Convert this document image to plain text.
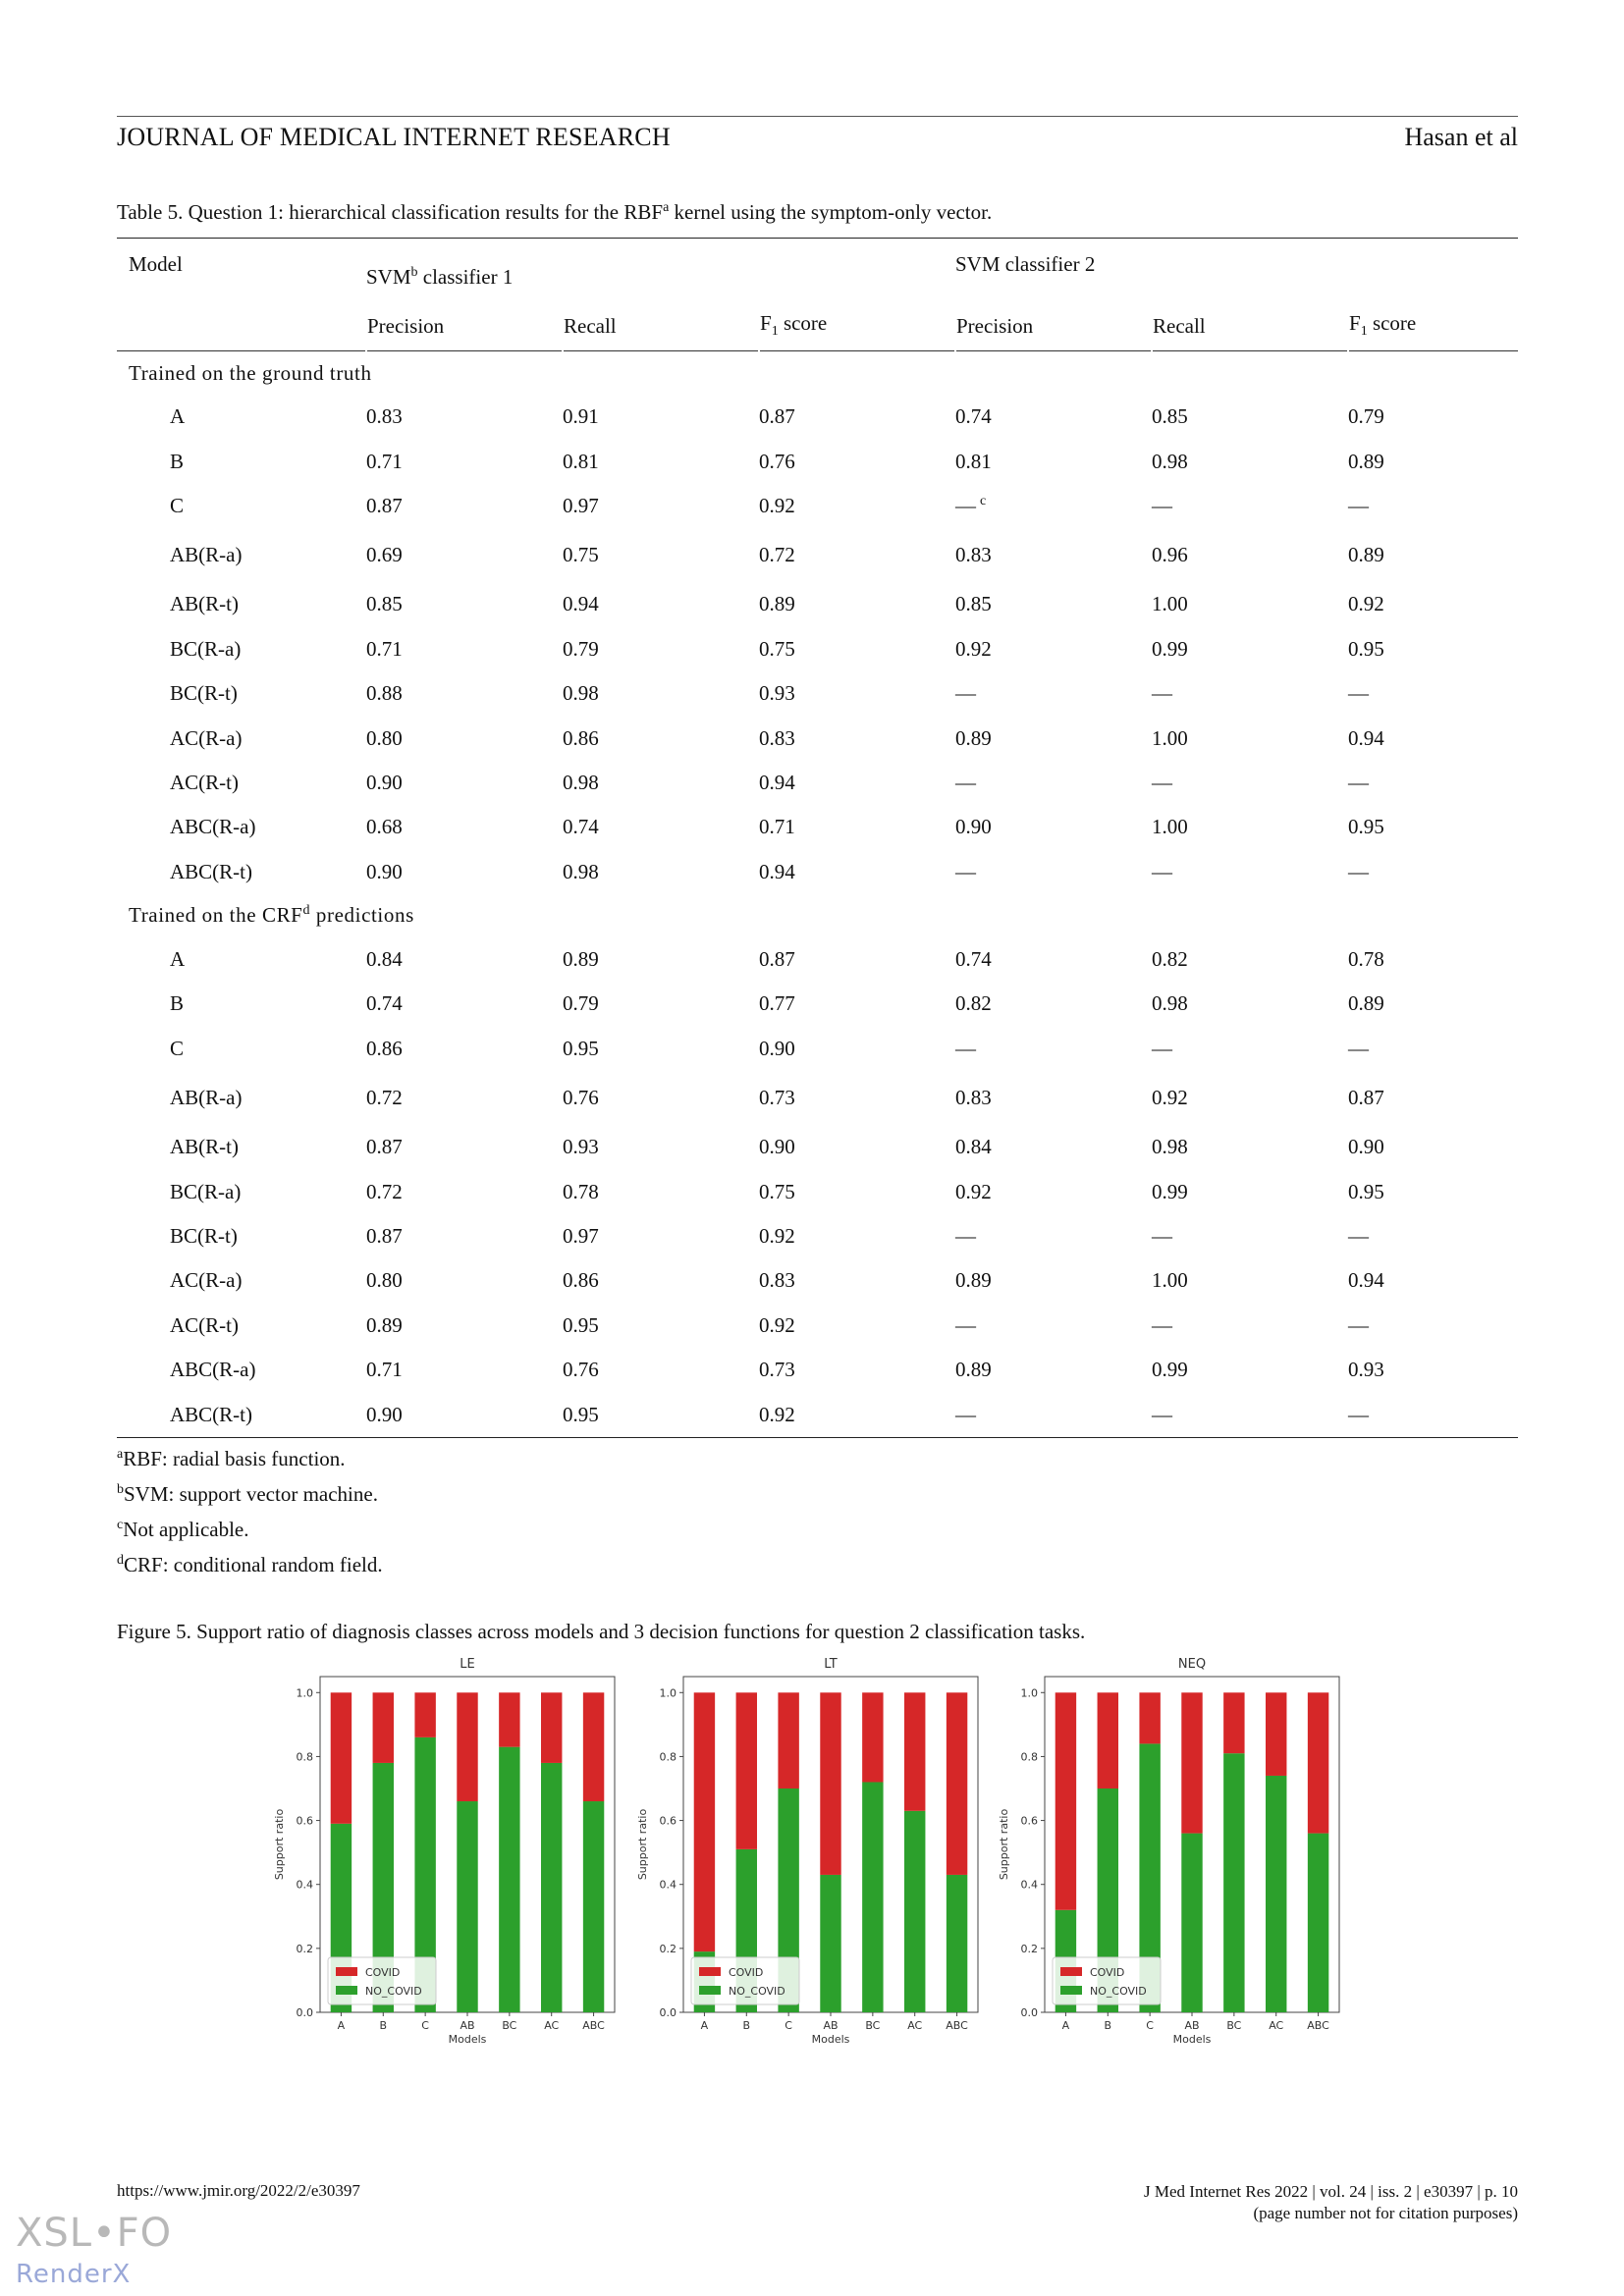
JOURNAL OF MEDICAL INTERNET RESEARCH	Hasan et al
Table 5. Question 1: hierarchical classification results for the RBF$^a$ kernel using the symptom-only vector.

Model		SVM$^b$ classifier 1			SVM classifier 2		
		Precision	Recall	$F_1$ score	Precision	Recall	$F_1$ score
Trained on the ground truth							
	A	0.83	0.91	0.87	0.74	0.85	0.79
	B	0.71	0.81	0.76	0.81	0.98	0.89
	C	0.87	0.97	0.92	— $^c$	—	—
	AB(R-a)	0.69	0.75	0.72	0.83	0.96	0.89
	AB(R-t)	0.85	0.94	0.89	0.85	1.00	0.92
	BC(R-a)	0.71	0.79	0.75	0.92	0.99	0.95
	BC(R-t)	0.88	0.98	0.93	—	—	—
	AC(R-a)	0.80	0.86	0.83	0.89	1.00	0.94
	AC(R-t)	0.90	0.98	0.94	—	—	—
	ABC(R-a)	0.68	0.74	0.71	0.90	1.00	0.95
	ABC(R-t)	0.90	0.98	0.94	—	—	—
Trained on the CRF$^d$ predictions							
	A	0.84	0.89	0.87	0.74	0.82	0.78
	B	0.74	0.79	0.77	0.82	0.98	0.89
	C	0.86	0.95	0.90	—	—	—
	AB(R-a)	0.72	0.76	0.73	0.83	0.92	0.87
	AB(R-t)	0.87	0.93	0.90	0.84	0.98	0.90
	BC(R-a)	0.72	0.78	0.75	0.92	0.99	0.95
	BC(R-t)	0.87	0.97	0.92	—	—	—
	AC(R-a)	0.80	0.86	0.83	0.89	1.00	0.94
	AC(R-t)	0.89	0.95	0.92	—	—	—
	ABC(R-a)	0.71	0.76	0.73	0.89	0.99	0.93
	ABC(R-t)	0.90	0.95	0.92	—	—	—

$^a$RBF: radial basis function.
$^b$SVM: support vector machine.
$^c$Not applicable.
$^d$CRF: conditional random field.
Figure 5. Support ratio of diagnosis classes across models and 3 decision functions for question 2 classification tasks.
LE
0.0
0.2
0.4
0.6
0.8
1.0
A	B	C	AB	BC	AC ABC
Models
Support ratio
COVID
NO_COVID
LT
0.0
0.2
0.4
0.6
0.8
1.0
A	B	C	AB	BC	AC ABC
Models
Support ratio
COVID
NO_COVID
NEQ
0.0
0.2
0.4
0.6
0.8
1.0
A	B	C	AB	BC	AC ABC
Models
Support ratio
COVID
NO_COVID
https://www.jmir.org/2022/2/e30397	J Med Internet Res 2022 | vol. 24 | iss. 2 | e30397 | p. 10
(page number not for citation purposes)
XSL•FO
RenderX
